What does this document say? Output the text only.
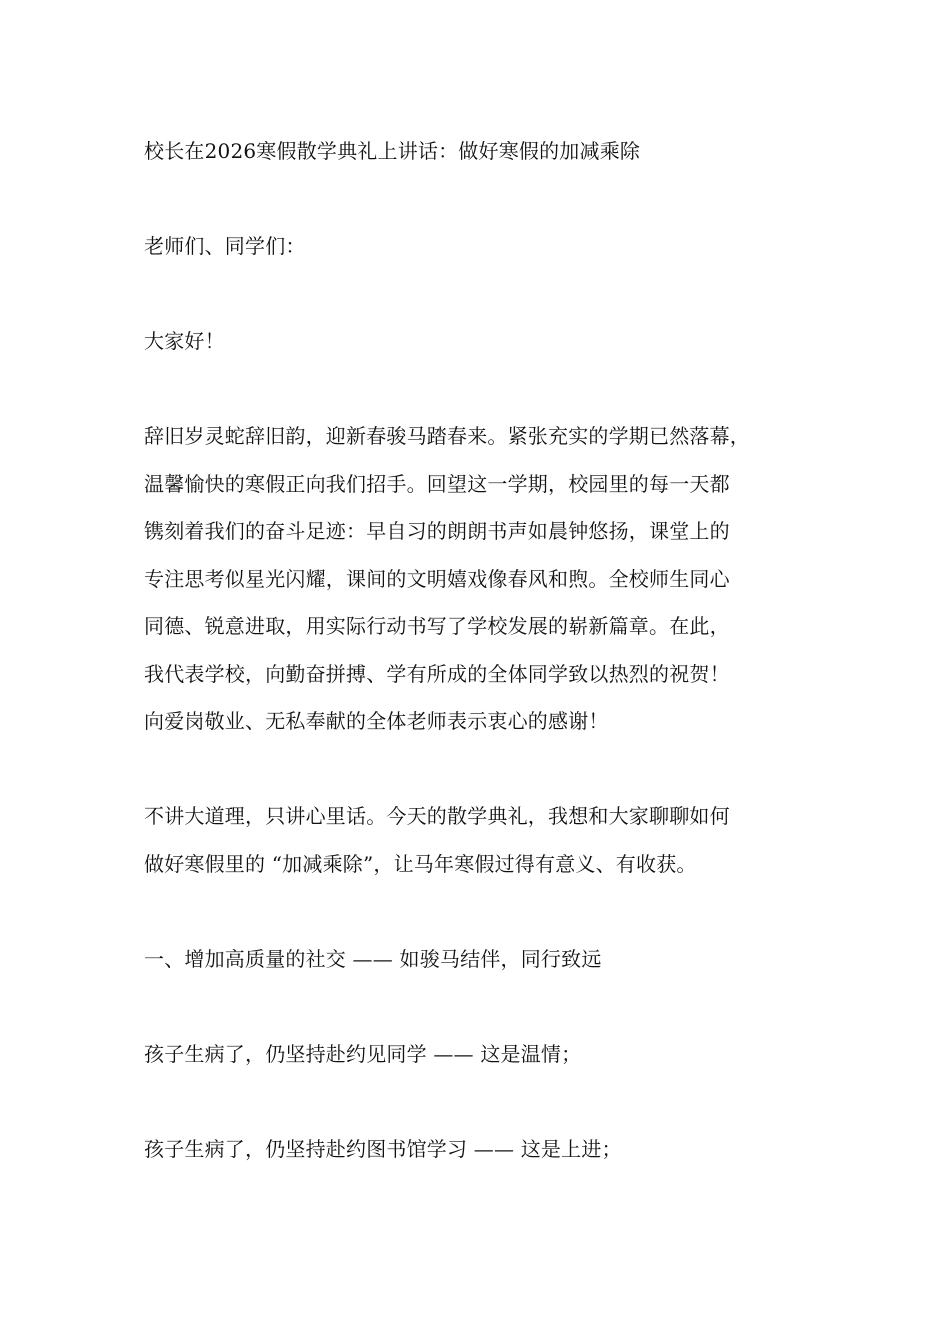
校长在2026寒假散学典礼上讲话：做好寒假的加减乘除

老师们、同学们：

大家好！

辞旧岁灵蛇辞旧韵，迎新春骏马踏春来。紧张充实的学期已然落幕，
温馨愉快的寒假正向我们招手。回望这一学期，校园里的每一天都
镌刻着我们的奋斗足迹：早自习的朗朗书声如晨钟悠扬，课堂上的
专注思考似星光闪耀，课间的文明嬉戏像春风和煦。全校师生同心
同德、锐意进取，用实际行动书写了学校发展的崭新篇章。在此，
我代表学校，向勤奋拼搏、学有所成的全体同学致以热烈的祝贺！
向爱岗敬业、无私奉献的全体老师表示衷心的感谢！

不讲大道理，只讲心里话。今天的散学典礼，我想和大家聊聊如何
做好寒假里的 “加减乘除”，让马年寒假过得有意义、有收获。

一、增加高质量的社交 —— 如骏马结伴，同行致远

孩子生病了，仍坚持赴约见同学 —— 这是温情；

孩子生病了，仍坚持赴约图书馆学习 —— 这是上进；
